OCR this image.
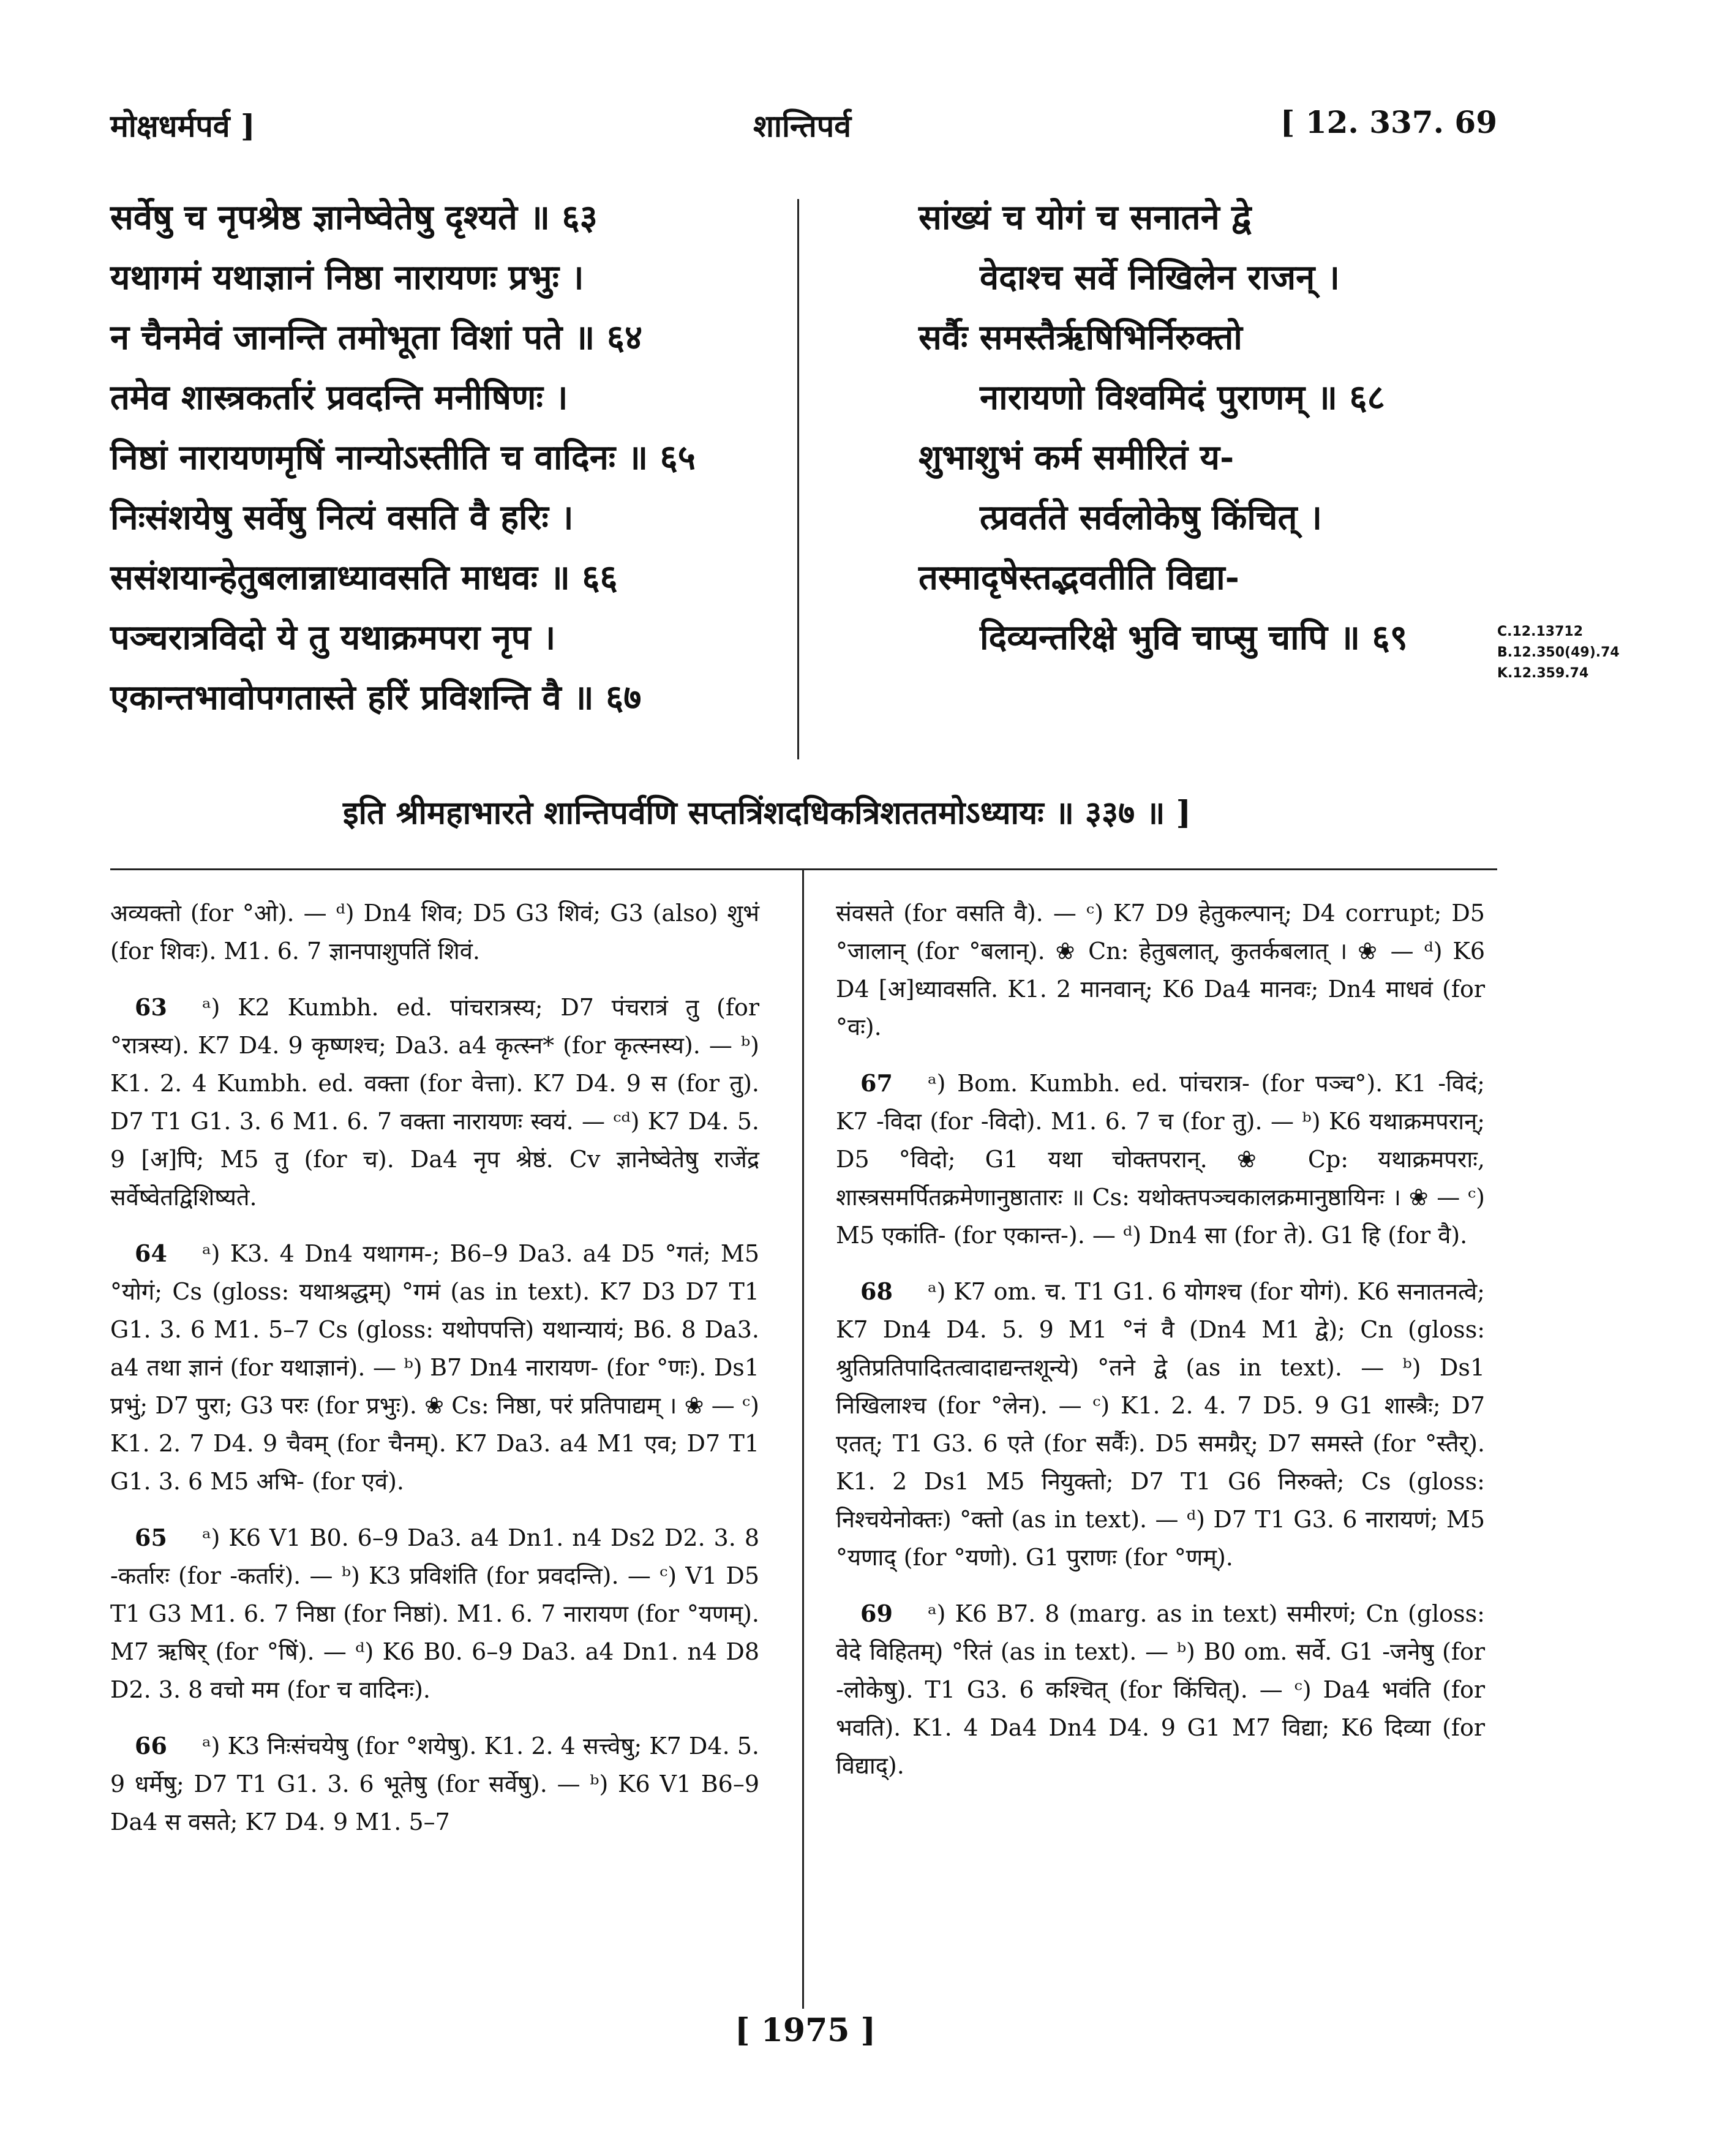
मोक्षधर्मपर्व ]	शान्तिपर्व	[ 12. 337. 69
सर्वेषु च नृपश्रेष्ठ ज्ञानेष्वेतेषु दृश्यते ॥ ६३
यथागमं यथाज्ञानं निष्ठा नारायणः प्रभुः ।
न चैनमेवं जानन्ति तमोभूता विशां पते ॥ ६४
तमेव शास्त्रकर्तारं प्रवदन्ति मनीषिणः ।
निष्ठां नारायणमृषिं नान्योऽस्तीति च वादिनः ॥ ६५
निःसंशयेषु सर्वेषु नित्यं वसति वै हरिः ।
ससंशयान्हेतुबलान्नाध्यावसति माधवः ॥ ६६
पञ्चरात्रविदो ये तु यथाक्रमपरा नृप ।
एकान्तभावोपगतास्ते हरिं प्रविशन्ति वै ॥ ६७
सांख्यं च योगं च सनातने द्वे
वेदाश्च सर्वे निखिलेन राजन् ।
सर्वैः समस्तैरृषिभिर्निरुक्तो
नारायणो विश्वमिदं पुराणम् ॥ ६८
शुभाशुभं कर्म समीरितं य-
त्प्रवर्तते सर्वलोकेषु किंचित् ।
तस्मादृषेस्तद्भवतीति विद्या-
दिव्यन्तरिक्षे भुवि चाप्सु चापि ॥ ६९	C.12.13712
B.12.350(49).74
K.12.359.74
इति श्रीमहाभारते शान्तिपर्वणि सप्तत्रिंशदधिकत्रिशततमोऽध्यायः ॥ ३३७ ॥ ]

अव्यक्तो (for °ओ). — ᵈ) Dn4 शिव; D5 G3 शिवं; G3 (also) शुभं (for शिवः). M1. 6. 7 ज्ञानपाशुपतिं शिवं.

63 ᵃ) K2 Kumbh. ed. पांचरात्रस्य; D7 पंचरात्रं तु (for °रात्रस्य). K7 D4. 9 कृष्णश्च; Da3. a4 कृत्स्न* (for कृत्स्नस्य). — ᵇ) K1. 2. 4 Kumbh. ed. वक्ता (for वेत्ता). K7 D4. 9 स (for तु). D7 T1 G1. 3. 6 M1. 6. 7 वक्ता नारायणः स्वयं. — ᶜᵈ) K7 D4. 5. 9 [अ]पि; M5 तु (for च). Da4 नृप श्रेष्ठं. Cv ज्ञानेष्वेतेषु राजेंद्र सर्वेष्वेतद्विशिष्यते.

64 ᵃ) K3. 4 Dn4 यथागम-; B6–9 Da3. a4 D5 °गतं; M5 °योगं; Cs (gloss: यथाश्रद्धम्) °गमं (as in text). K7 D3 D7 T1 G1. 3. 6 M1. 5–7 Cs (gloss: यथोपपत्ति) यथान्यायं; B6. 8 Da3. a4 तथा ज्ञानं (for यथाज्ञानं). — ᵇ) B7 Dn4 नारायण- (for °णः). Ds1 प्रभुं; D7 पुरा; G3 परः (for प्रभुः). ❀ Cs: निष्ठा, परं प्रतिपाद्यम् । ❀ — ᶜ) K1. 2. 7 D4. 9 चैवम् (for चैनम्). K7 Da3. a4 M1 एव; D7 T1 G1. 3. 6 M5 अभि- (for एवं).

65 ᵃ) K6 V1 B0. 6–9 Da3. a4 Dn1. n4 Ds2 D2. 3. 8 -कर्तारः (for -कर्तारं). — ᵇ) K3 प्रविशंति (for प्रवदन्ति). — ᶜ) V1 D5 T1 G3 M1. 6. 7 निष्ठा (for निष्ठां). M1. 6. 7 नारायण (for °यणम्). M7 ऋषिर् (for °षिं). — ᵈ) K6 B0. 6–9 Da3. a4 Dn1. n4 D8 D2. 3. 8 वचो मम (for च वादिनः).

66 ᵃ) K3 निःसंचयेषु (for °शयेषु). K1. 2. 4 सत्त्वेषु; K7 D4. 5. 9 धर्मेषु; D7 T1 G1. 3. 6 भूतेषु (for सर्वेषु). — ᵇ) K6 V1 B6–9 Da4 स वसते; K7 D4. 9 M1. 5–7

संवसते (for वसति वै). — ᶜ) K7 D9 हेतुकल्पान्; D4 corrupt; D5 °जालान् (for °बलान्). ❀ Cn: हेतुबलात्, कुतर्कबलात् । ❀ — ᵈ) K6 D4 [अ]ध्यावसति. K1. 2 मानवान्; K6 Da4 मानवः; Dn4 माधवं (for °वः).

67 ᵃ) Bom. Kumbh. ed. पांचरात्र- (for पञ्च°). K1 -विदं; K7 -विदा (for -विदो). M1. 6. 7 च (for तु). — ᵇ) K6 यथाक्रमपरान्; D5 °विदो; G1 यथा चोक्तपरान्. ❀ Cp: यथाक्रमपराः, शास्त्रसमर्पितक्रमेणानुष्ठातारः ॥ Cs: यथोक्तपञ्चकालक्रमानुष्ठायिनः । ❀ — ᶜ) M5 एकांति- (for एकान्त-). — ᵈ) Dn4 सा (for ते). G1 हि (for वै).

68 ᵃ) K7 om. च. T1 G1. 6 योगश्च (for योगं). K6 सनातनत्वे; K7 Dn4 D4. 5. 9 M1 °नं वै (Dn4 M1 द्वे); Cn (gloss: श्रुतिप्रतिपादितत्वादाद्यन्तशून्ये) °तने द्वे (as in text). — ᵇ) Ds1 निखिलाश्च (for °लेन). — ᶜ) K1. 2. 4. 7 D5. 9 G1 शास्त्रैः; D7 एतत्; T1 G3. 6 एते (for सर्वैः). D5 समग्रैर्; D7 समस्ते (for °स्तैर्). K1. 2 Ds1 M5 नियुक्तो; D7 T1 G6 निरुक्ते; Cs (gloss: निश्चयेनोक्तः) °क्तो (as in text). — ᵈ) D7 T1 G3. 6 नारायणं; M5 °यणाद् (for °यणो). G1 पुराणः (for °णम्).

69 ᵃ) K6 B7. 8 (marg. as in text) समीरणं; Cn (gloss: वेदे विहितम्) °रितं (as in text). — ᵇ) B0 om. सर्वे. G1 -जनेषु (for -लोकेषु). T1 G3. 6 कश्चित् (for किंचित्). — ᶜ) Da4 भवंति (for भवति). K1. 4 Da4 Dn4 D4. 9 G1 M7 विद्या; K6 दिव्या (for विद्याद्).

[ 1975 ]
